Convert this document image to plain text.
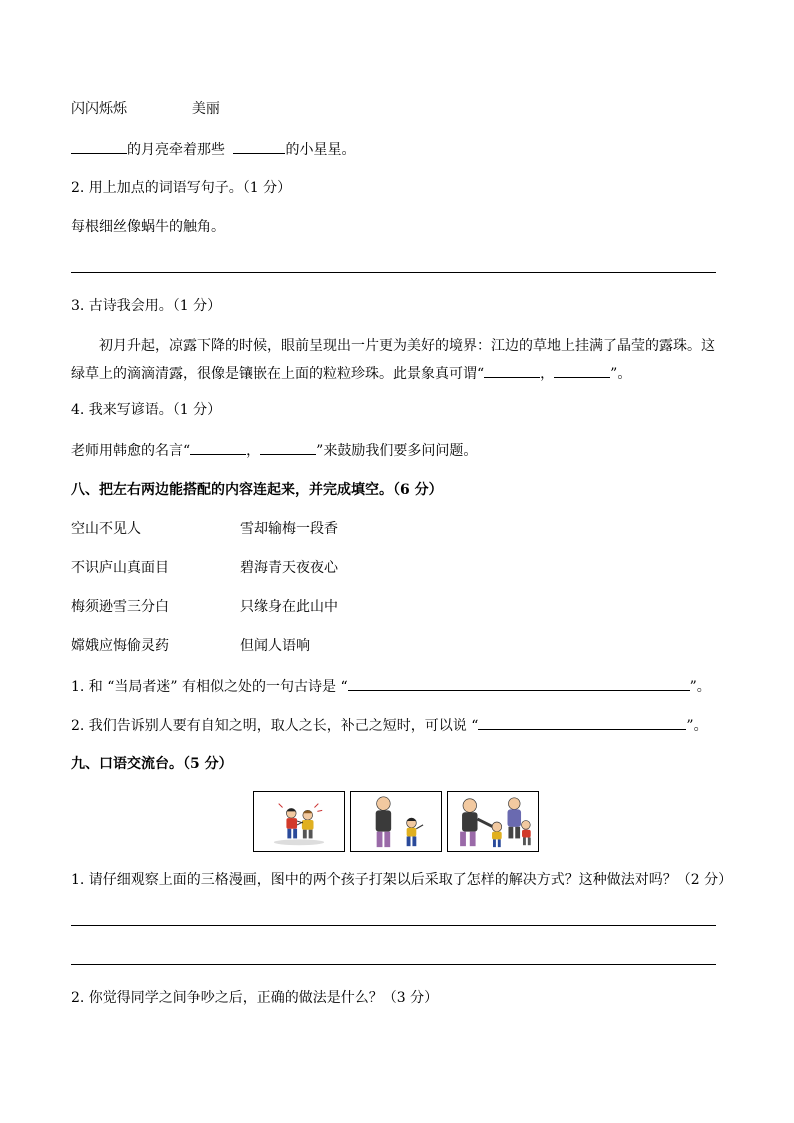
闪闪烁烁	美丽
的月亮牵着那些	的小星星。
2. 用上加点的词语写句子。（1 分）
每根细丝像蜗牛的触角。
3. 古诗我会用。（1 分）
初月升起，凉露下降的时候，眼前呈现出一片更为美好的境界：江边的草地上挂满了晶莹的露珠。这
绿草上的滴滴清露，很像是镶嵌在上面的粒粒珍珠。此景象真可谓“	，	”。
4. 我来写谚语。（1 分）
老师用韩愈的名言“	，	”来鼓励我们要多问问题。
八、把左右两边能搭配的内容连起来，并完成填空。（6 分）
空山不见人	雪却输梅一段香
不识庐山真面目	碧海青天夜夜心
梅须逊雪三分白	只缘身在此山中
嫦娥应悔偷灵药	但闻人语响
1. 和 “当局者迷” 有相似之处的一句古诗是 “	”。
2. 我们告诉别人要有自知之明，取人之长，补己之短时，可以说 “	”。
九、口语交流台。（5 分）
1. 请仔细观察上面的三格漫画，图中的两个孩子打架以后采取了怎样的解决方式？这种做法对吗？（2 分）
2. 你觉得同学之间争吵之后，正确的做法是什么？（3 分）
